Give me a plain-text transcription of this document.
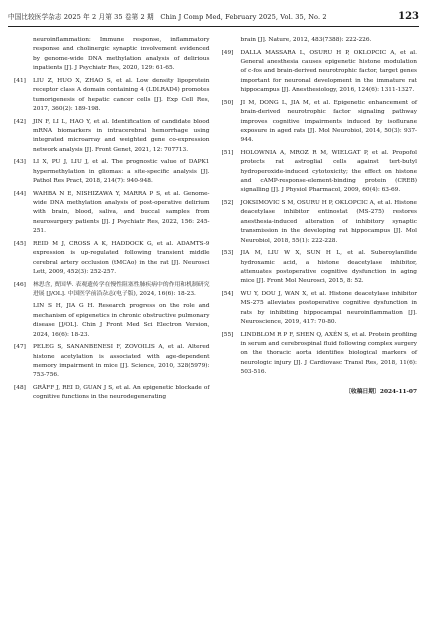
中国比较医学杂志 2025 年 2 月第 35 卷第 2 期　Chin J Comp Med, February 2025, Vol. 35, No. 2	123
neuroinflammation: Immune response, inflammatory response and cholinergic synaptic involvement evidenced by genome-wide DNA methylation analysis of delirious inpatients [J]. J Psychiatr Res, 2020, 129: 61-65.
[41] LIU Z, HUO X, ZHAO S, et al. Low density lipoprotein receptor class A domain containing 4 (LDLRAD4) promotes tumorigenesis of hepatic cancer cells [J]. Exp Cell Res, 2017, 360(2): 189-198.
[42] JIN F, LI L, HAO Y, et al. Identification of candidate blood mRNA biomarkers in intracerebral hemorrhage using integrated microarray and weighted gene co-expression network analysis [J]. Front Genet, 2021, 12: 707713.
[43] LI X, PU J, LIU J, et al. The prognostic value of DAPK1 hypermethylation in gliomas: a site-specific analysis [J]. Pathol Res Pract, 2018, 214(7): 940-948.
[44] WAHBA N E, NISHIZAWA Y, MARRA P S, et al. Genome-wide DNA methylation analysis of post-operative delirium with brain, blood, saliva, and buccal samples from neurosurgery patients [J]. J Psychiatr Res, 2022, 156: 245-251.
[45] REID M J, CROSS A K, HADDOCK G, et al. ADAMTS-9 expression is up-regulated following transient middle cerebral artery occlusion (tMCAo) in the rat [J]. Neurosci Lett, 2009, 452(3): 252-257.
[46] 林思含, 贾国华. 表观遗传学在慢性阻塞性肺疾病中的作用和机制研究进展 [J/OL]. 中国医学前沿杂志(电子版), 2024, 16(6): 18-23.
LIN S H, JIA G H. Research progress on the role and mechanism of epigenetics in chronic obstructive pulmonary disease [J/OL]. Chin J Front Med Sci Electron Version, 2024, 16(6): 18-23.
[47] PELEG S, SANANBENESI F, ZOVOILIS A, et al. Altered histone acetylation is associated with age-dependent memory impairment in mice [J]. Science, 2010, 328(5979): 753-756.
[48] GRÄFF J, REI D, GUAN J S, et al. An epigenetic blockade of cognitive functions in the neurodegenerating
brain [J]. Nature, 2012, 483(7388): 222-226.
[49] DALLA MASSARA L, OSURU H P, OKLOPCIC A, et al. General anesthesia causes epigenetic histone modulation of c-fos and brain-derived neurotrophic factor, target genes important for neuronal development in the immature rat hippocampus [J]. Anesthesiology, 2016, 124(6): 1311-1327.
[50] JI M, DONG L, JIA M, et al. Epigenetic enhancement of brain-derived neurotrophic factor signaling pathway improves cognitive impairments induced by isoflurane exposure in aged rats [J]. Mol Neurobiol, 2014, 50(3): 937-944.
[51] HOLOWNIA A, MROZ R M, WIELGAT P, et al. Propofol protects rat astroglial cells against tert-butyl hydroperoxide-induced cytotoxicity; the effect on histone and cAMP-response-element-binding protein (CREB) signalling [J]. J Physiol Pharmacol, 2009, 60(4): 63-69.
[52] JOKSIMOVIC S M, OSURU H P, OKLOPCIC A, et al. Histone deacetylase inhibitor entinostat (MS-275) restores anesthesia-induced alteration of inhibitory synaptic transmission in the developing rat hippocampus [J]. Mol Neurobiol, 2018, 55(1): 222-228.
[53] JIA M, LIU W X, SUN H L, et al. Suberoylanilide hydroxamic acid, a histone deacetylase inhibitor, attenuates postoperative cognitive dysfunction in aging mice [J]. Front Mol Neurosci, 2015, 8: 52.
[54] WU Y, DOU J, WAN X, et al. Histone deacetylase inhibitor MS-275 alleviates postoperative cognitive dysfunction in rats by inhibiting hippocampal neuroinflammation [J]. Neuroscience, 2019, 417: 70-80.
[55] LINDBLOM R P F, SHEN Q, AXÉN S, et al. Protein profiling in serum and cerebrospinal fluid following complex surgery on the thoracic aorta identifies biological markers of neurologic injury [J]. J Cardiovasc Transl Res, 2018, 11(6): 503-516.
〔收稿日期〕2024-11-07
